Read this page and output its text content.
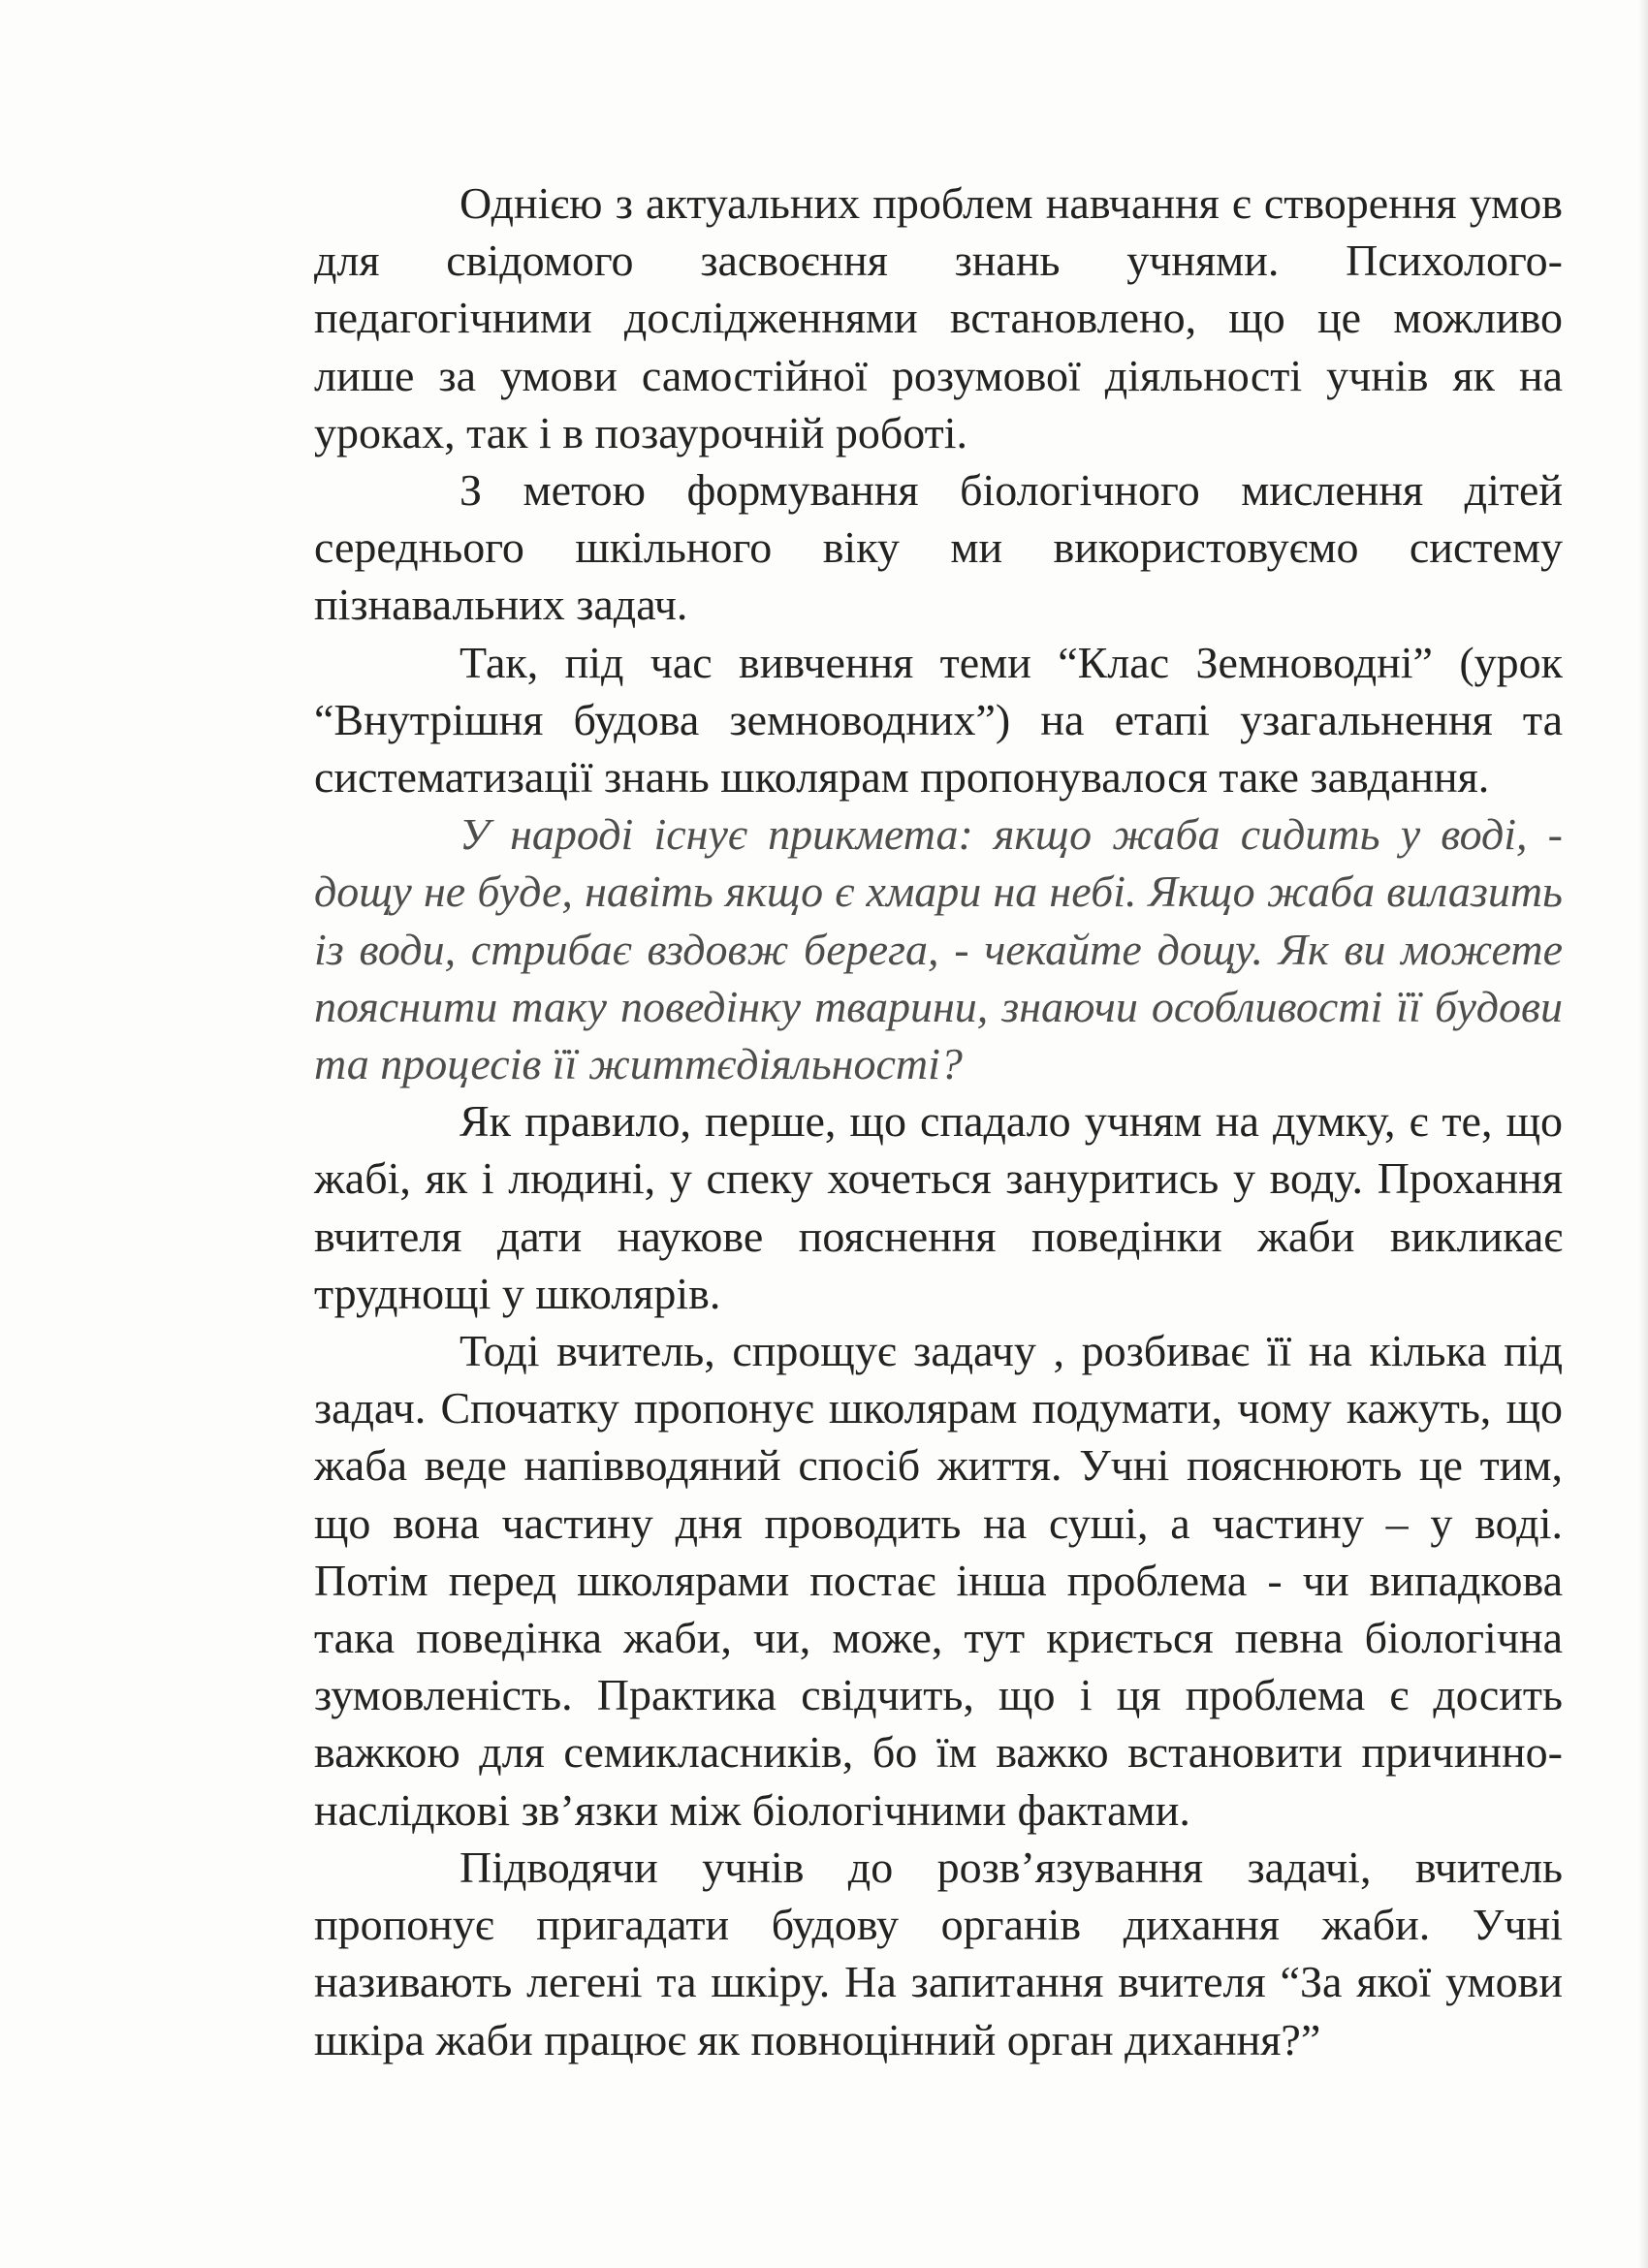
Однією з актуальних проблем навчання є створення умов для свідомого засвоєння знань учнями. Психолого-педагогічними дослідженнями встановлено, що це можливо лише за умови самостійної розумової діяльності учнів як на уроках, так і в позаурочній роботі.

З метою формування біологічного мислення дітей середнього шкільного віку ми використовуємо систему пізнавальних задач.

Так, під час вивчення теми “Клас Земноводні” (урок “Внутрішня будова земноводних”) на етапі узагальнення та систематизації знань школярам пропонувалося таке завдання.

У народі існує прикмета: якщо жаба сидить у воді, - дощу не буде, навіть якщо є хмари на небі. Якщо жаба вилазить із води, стрибає вздовж берега, - чекайте дощу. Як ви можете пояснити таку поведінку тварини, знаючи особливості її будови та процесів її життєдіяльності?

Як правило, перше, що спадало учням на думку, є те, що жабі, як і людині, у спеку хочеться зануритись у воду. Прохання вчителя дати наукове пояснення поведінки жаби викликає труднощі у школярів.

Тоді вчитель, спрощує задачу , розбиває її на кілька під задач. Спочатку пропонує школярам подумати, чому кажуть, що жаба веде напівводяний спосіб життя. Учні пояснюють це тим, що вона частину дня проводить на суші, а частину – у воді. Потім перед школярами постає інша проблема - чи випадкова така поведінка жаби, чи, може, тут криється певна біологічна зумовленість. Практика свідчить, що і ця проблема є досить важкою для семикласників, бо їм важко встановити причинно-наслідкові зв’язки між біологічними фактами.

Підводячи учнів до розв’язування задачі, вчитель пропонує пригадати будову органів дихання жаби. Учні називають легені та шкіру. На запитання вчителя “За якої умови шкіра жаби працює як повноцінний орган дихання?”
